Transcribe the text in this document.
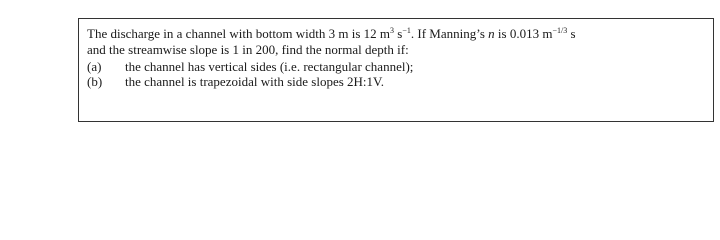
The discharge in a channel with bottom width 3 m is 12 $m^3$ $s^{-1}$. If Manning’s n is 0.013 $m^{-1/3}$ s
and the streamwise slope is 1 in 200, find the normal depth if:
(a) the channel has vertical sides (i.e. rectangular channel);
(b) the channel is trapezoidal with side slopes 2H:1V.
